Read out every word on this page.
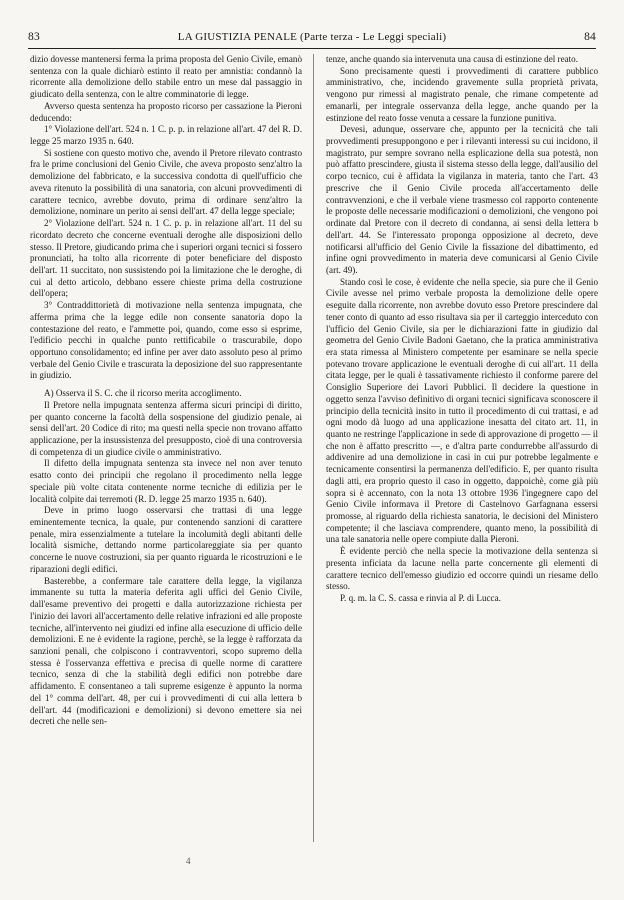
83	LA GIUSTIZIA PENALE (Parte terza - Le Leggi speciali)	84

dizio dovesse mantenersi ferma la prima proposta del Genio Civile, emanò sentenza con la quale dichiarò estinto il reato per amnistia: condannò la ricorrente alla demolizione dello stabile entro un mese dal passaggio in giudicato della sentenza, con le altre comminatorie di legge.

Avverso questa sentenza ha proposto ricorso per cassazione la Pieroni deducendo:

1° Violazione dell'art. 524 n. 1 C. p. p. in relazione all'art. 47 del R. D. legge 25 marzo 1935 n. 640.

Si sostiene con questo motivo che, avendo il Pretore rilevato contrasto fra le prime conclusioni del Genio Civile, che aveva proposto senz'altro la demolizione del fabbricato, e la successiva condotta di quell'ufficio che aveva ritenuto la possibilità di una sanatoria, con alcuni provvedimenti di carattere tecnico, avrebbe dovuto, prima di ordinare senz'altro la demolizione, nominare un perito ai sensi dell'art. 47 della legge speciale;

2° Violazione dell'art. 524 n. 1 C. p. p. in relazione all'art. 11 del su ricordato decreto che concerne eventuali deroghe alle disposizioni dello stesso. Il Pretore, giudicando prima che i superiori organi tecnici si fossero pronunciati, ha tolto alla ricorrente di poter beneficiare del disposto dell'art. 11 succitato, non sussistendo poi la limitazione che le deroghe, di cui al detto articolo, debbano essere chieste prima della costruzione dell'opera;

3° Contraddittorietà di motivazione nella sentenza impugnata, che afferma prima che la legge edile non consente sanatoria dopo la contestazione del reato, e l'ammette poi, quando, come esso si esprime, l'edificio pecchi in qualche punto rettificabile o trascurabile, dopo opportuno consolidamento; ed infine per aver dato assoluto peso al primo verbale del Genio Civile e trascurata la deposizione del suo rappresentante in giudizio.

A) Osserva il S. C. che il ricorso merita accoglimento.

Il Pretore nella impugnata sentenza afferma sicuri principi di diritto, per quanto concerne la facoltà della sospensione del giudizio penale, ai sensi dell'art. 20 Codice di rito; ma questi nella specie non trovano affatto applicazione, per la insussistenza del presupposto, cioè di una controversia di competenza di un giudice civile o amministrativo.

Il difetto della impugnata sentenza sta invece nel non aver tenuto esatto conto dei principii che regolano il procedimento nella legge speciale più volte citata contenente norme tecniche di edilizia per le località colpite dai terremoti (R. D. legge 25 marzo 1935 n. 640).

Deve in primo luogo osservarsi che trattasi di una legge eminentemente tecnica, la quale, pur contenendo sanzioni di carattere penale, mira essenzialmente a tutelare la incolumità degli abitanti delle località sismiche, dettando norme particolareggiate sia per quanto concerne le nuove costruzioni, sia per quanto riguarda le ricostruzioni e le riparazioni degli edifici.

Basterebbe, a confermare tale carattere della legge, la vigilanza immanente su tutta la materia deferita agli uffici del Genio Civile, dall'esame preventivo dei progetti e dalla autorizzazione richiesta per l'inizio dei lavori all'accertamento delle relative infrazioni ed alle proposte tecniche, all'intervento nei giudizi ed infine alla esecuzione di ufficio delle demolizioni. E ne è evidente la ragione, perchè, se la legge è rafforzata da sanzioni penali, che colpiscono i contravventori, scopo supremo della stessa è l'osservanza effettiva e precisa di quelle norme di carattere tecnico, senza di che la stabilità degli edifici non potrebbe dare affidamento. E consentaneo a tali supreme esigenze è appunto la norma del 1° comma dell'art. 48, per cui i provvedimenti di cui alla lettera b dell'art. 44 (modificazioni e demolizioni) si devono emettere sia nei decreti che nelle sen-

tenze, anche quando sia intervenuta una causa di estinzione del reato.

Sono precisamente questi i provvedimenti di carattere pubblico amministrativo, che, incidendo gravemente sulla proprietà privata, vengono pur rimessi al magistrato penale, che rimane competente ad emanarli, per integrale osservanza della legge, anche quando per la estinzione del reato fosse venuta a cessare la funzione punitiva.

Devesi, adunque, osservare che, appunto per la tecnicità che tali provvedimenti presuppongono e per i rilevanti interessi su cui incidono, il magistrato, pur sempre sovrano nella esplicazione della sua potestà, non può affatto prescindere, giusta il sistema stesso della legge, dall'ausilio del corpo tecnico, cui è affidata la vigilanza in materia, tanto che l'art. 43 prescrive che il Genio Civile proceda all'accertamento delle contravvenzioni, e che il verbale viene trasmesso col rapporto contenente le proposte delle necessarie modificazioni o demolizioni, che vengono poi ordinate dal Pretore con il decreto di condanna, ai sensi della lettera b dell'art. 44. Se l'interessato proponga opposizione al decreto, deve notificarsi all'ufficio del Genio Civile la fissazione del dibattimento, ed infine ogni provvedimento in materia deve comunicarsi al Genio Civile (art. 49).

Stando così le cose, è evidente che nella specie, sia pure che il Genio Civile avesse nel primo verbale proposta la demolizione delle opere eseguite dalla ricorrente, non avrebbe dovuto esso Pretore prescindere dal tener conto di quanto ad esso risultava sia per il carteggio interceduto con l'ufficio del Genio Civile, sia per le dichiarazioni fatte in giudizio dal geometra del Genio Civile Badoni Gaetano, che la pratica amministrativa era stata rimessa al Ministero competente per esaminare se nella specie potevano trovare applicazione le eventuali deroghe di cui all'art. 11 della citata legge, per le quali è tassativamente richiesto il conforme parere del Consiglio Superiore dei Lavori Pubblici. Il decidere la questione in oggetto senza l'avviso definitivo di organi tecnici significava sconoscere il principio della tecnicità insito in tutto il procedimento di cui trattasi, e ad ogni modo dà luogo ad una applicazione inesatta del citato art. 11, in quanto ne restringe l'applicazione in sede di approvazione di progetto — il che non è affatto prescritto —, e d'altra parte condurrebbe all'assurdo di addivenire ad una demolizione in casi in cui pur potrebbe legalmente e tecnicamente consentirsi la permanenza dell'edificio. E, per quanto risulta dagli atti, era proprio questo il caso in oggetto, dappoichè, come già più sopra si è accennato, con la nota 13 ottobre 1936 l'ingegnere capo del Genio Civile informava il Pretore di Castelnovo Garfagnana essersi promosse, al riguardo della richiesta sanatoria, le decisioni del Ministero competente; il che lasciava comprendere, quanto meno, la possibilità di una tale sanatoria nelle opere compiute dalla Pieroni.

È evidente perciò che nella specie la motivazione della sentenza si presenta inficiata da lacune nella parte concernente gli elementi di carattere tecnico dell'emesso giudizio ed occorre quindi un riesame dello stesso.

P. q. m. la C. S. cassa e rinvia al P. di Lucca.

4
